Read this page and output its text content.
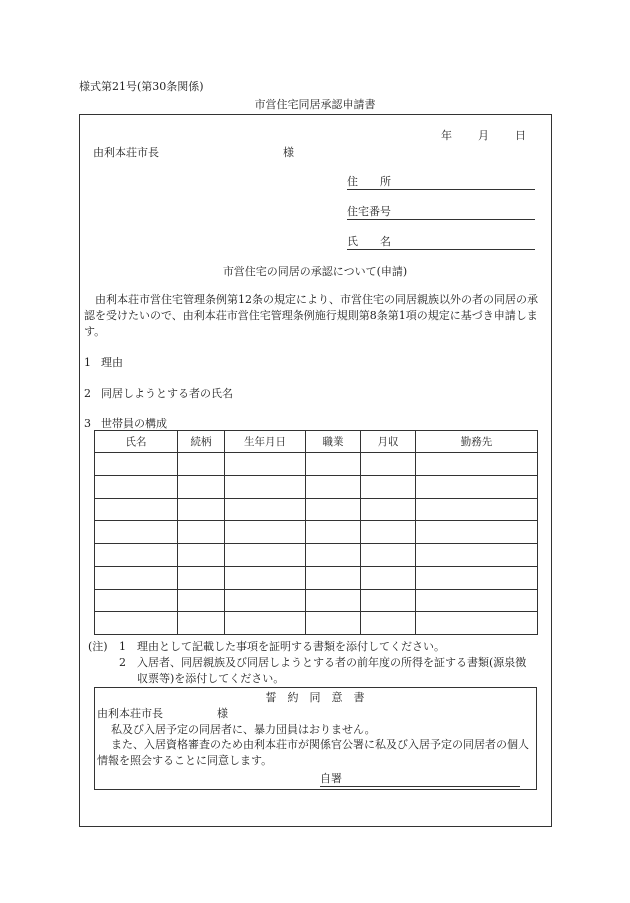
様式第21号(第30条関係)
市営住宅同居承認申請書
年 月 日
由利本荘市長	様
住　　所
住宅番号
氏　　名
市営住宅の同居の承認について(申請)
由利本荘市営住宅管理条例第12条の規定により、市営住宅の同居親族以外の者の同居の承認を受けたいので、由利本荘市営住宅管理条例施行規則第8条第1項の規定に基づき申請します。
1 理由
2 同居しようとする者の氏名
3 世帯員の構成
氏名	続柄	生年月日	職業	月収	勤務先

(注) 1 理由として記載した事項を証明する書類を添付してください。
2 入居者、同居親族及び同居しようとする者の前年度の所得を証する書類(源泉徴
収票等)を添付してください。
誓　約　同　意　書
由利本荘市長	様
私及び入居予定の同居者に、暴力団員はおりません。
また、入居資格審査のため由利本荘市が関係官公署に私及び入居予定の同居者の個人情報を照会することに同意します。
自署
